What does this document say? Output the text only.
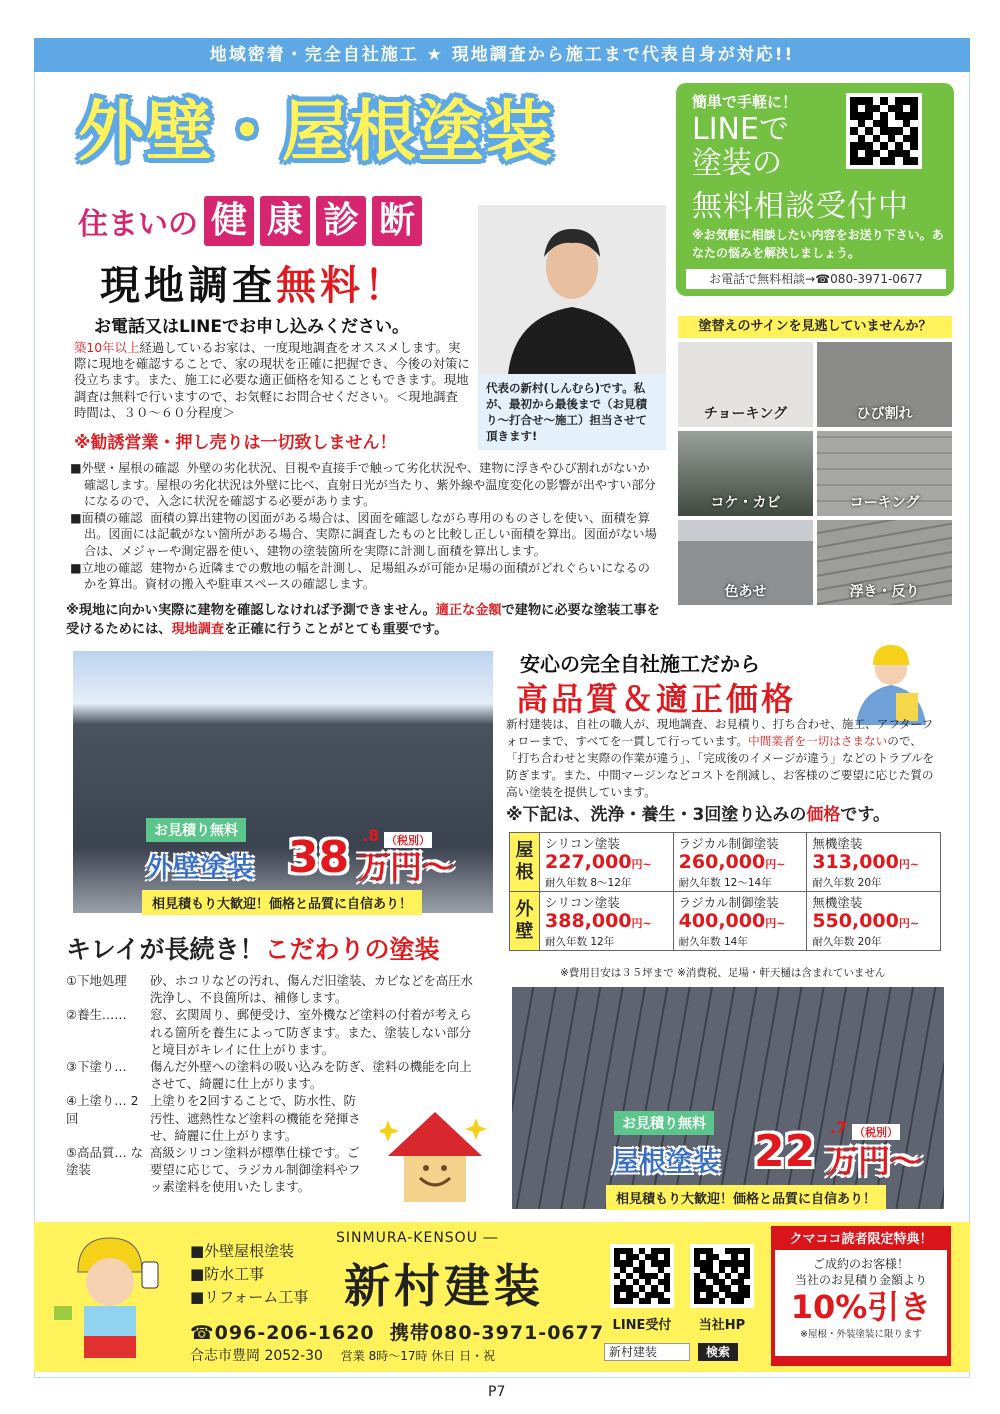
地域密着・完全自社施工 ★ 現地調査から施工まで代表自身が対応!!
外壁・屋根塗装	簡単で手軽に！
LINEで
塗装の
無料相談受付中
※お気軽に相談したい内容をお送り下さい。あなたの悩みを解決しましょう。
お電話で無料相談→☎080-3971-0677
住まいの 健 康 診 断
現地調査無料！
お電話又はLINEでお申し込みください。
築10年以上経過しているお家は、一度現地調査をオススメします。実際に現地を確認することで、家の現状を正確に把握でき、今後の対策に役立ちます。また、施工に必要な適正価格を知ることもできます。現地調査は無料で行いますので、お気軽にお問合せください。＜現地調査時間は、３０～６０分程度＞
※勧誘営業・押し売りは一切致しません！
代表の新村(しんむら)です。私が、最初から最後まで（お見積り～打合せ～施工）担当させて頂きます!
■外壁・屋根の確認 外壁の劣化状況、目視や直接手で触って劣化状況や、建物に浮きやひび割れがないか確認します。屋根の劣化状況は外壁に比べ、直射日光が当たり、紫外線や温度変化の影響が出やすい部分になるので、入念に状況を確認する必要があります。
■面積の確認 面積の算出建物の図面がある場合は、図面を確認しながら専用のものさしを使い、面積を算出。図面には記載がない箇所がある場合、実際に調査したものと比較し正しい面積を算出。図面がない場合は、メジャーや測定器を使い、建物の塗装箇所を実際に計測し面積を算出します。
■立地の確認 建物から近隣までの敷地の幅を計測し、足場組みが可能か足場の面積がどれぐらいになるのかを算出。資材の搬入や駐車スペースの確認します。
※現地に向かい実際に建物を確認しなければ予測できません。適正な金額で建物に必要な塗装工事を受けるためには、現地調査を正確に行うことがとても重要です。
塗替えのサインを見逃していませんか？
チョーキング	ひび割れ
コケ・カビ	コーキング
色あせ	浮き・反り
お見積り無料
外壁塗装 38 .8 （税別）
万円～
相見積もり大歓迎！価格と品質に自信あり！
安心の完全自社施工だから
高品質＆適正価格
新村建装は、自社の職人が、現地調査、お見積り、打ち合わせ、施工、アフターフォローまで、すべてを一貫して行っています。中間業者を一切はさまないので、「打ち合わせと実際の作業が違う」、「完成後のイメージが違う」などのトラブルを防ぎます。また、中間マージンなどコストを削減し、お客様のご要望に応じた質の高い塗装を提供しています。
※下記は、洗浄・養生・3回塗り込みの価格です。
屋根	
シリコン塗装
227,000円~
耐久年数 8～12年

ラジカル制御塗装
260,000円~
耐久年数 12～14年

無機塗装
313,000円~
耐久年数 20年

外壁	
シリコン塗装
388,000円~
耐久年数 12年

ラジカル制御塗装
400,000円~
耐久年数 14年

無機塗装
550,000円~
耐久年数 20年
※費用目安は３５坪まで ※消費税、足場・軒天樋は含まれていません
お見積り無料
屋根塗装 22 .7 （税別）
万円～
相見積もり大歓迎！価格と品質に自信あり！
キレイが長続き！こだわりの塗装
①下地処理	砂、ホコリなどの汚れ、傷んだ旧塗装、カビなどを高圧水洗浄し、不良箇所は、補修します。
②養生……	窓、玄関周り、郵便受け、室外機など塗料の付着が考えられる箇所を養生によって防ぎます。また、塗装しない部分と境目がキレイに仕上がります。
③下塗り…	傷んだ外壁への塗料の吸い込みを防ぎ、塗料の機能を向上させて、綺麗に仕上がります。
④上塗り… 2回
上塗りを2回することで、防水性、防汚性、遮熱性など塗料の機能を発揮させ、綺麗に仕上がります。
⑤高品質… な塗装
高級シリコン塗料が標準仕様です。ご要望に応じて、ラジカル制御塗料やフッ素塗料を使用いたします。
■外壁屋根塗装
■防水工事
■リフォーム工事
SINMURA-KENSOU ―
新村建装
☎096-206-1620 携帯080-3971-0677
合志市豊岡 2052-30 営業 8時～17時 休日 日・祝
LINE受付	当社HP
新村建装	検索
クマココ読者限定特典！
ご成約のお客様！
当社のお見積り金額より
10%引き
※屋根・外装塗装に限ります
P7
